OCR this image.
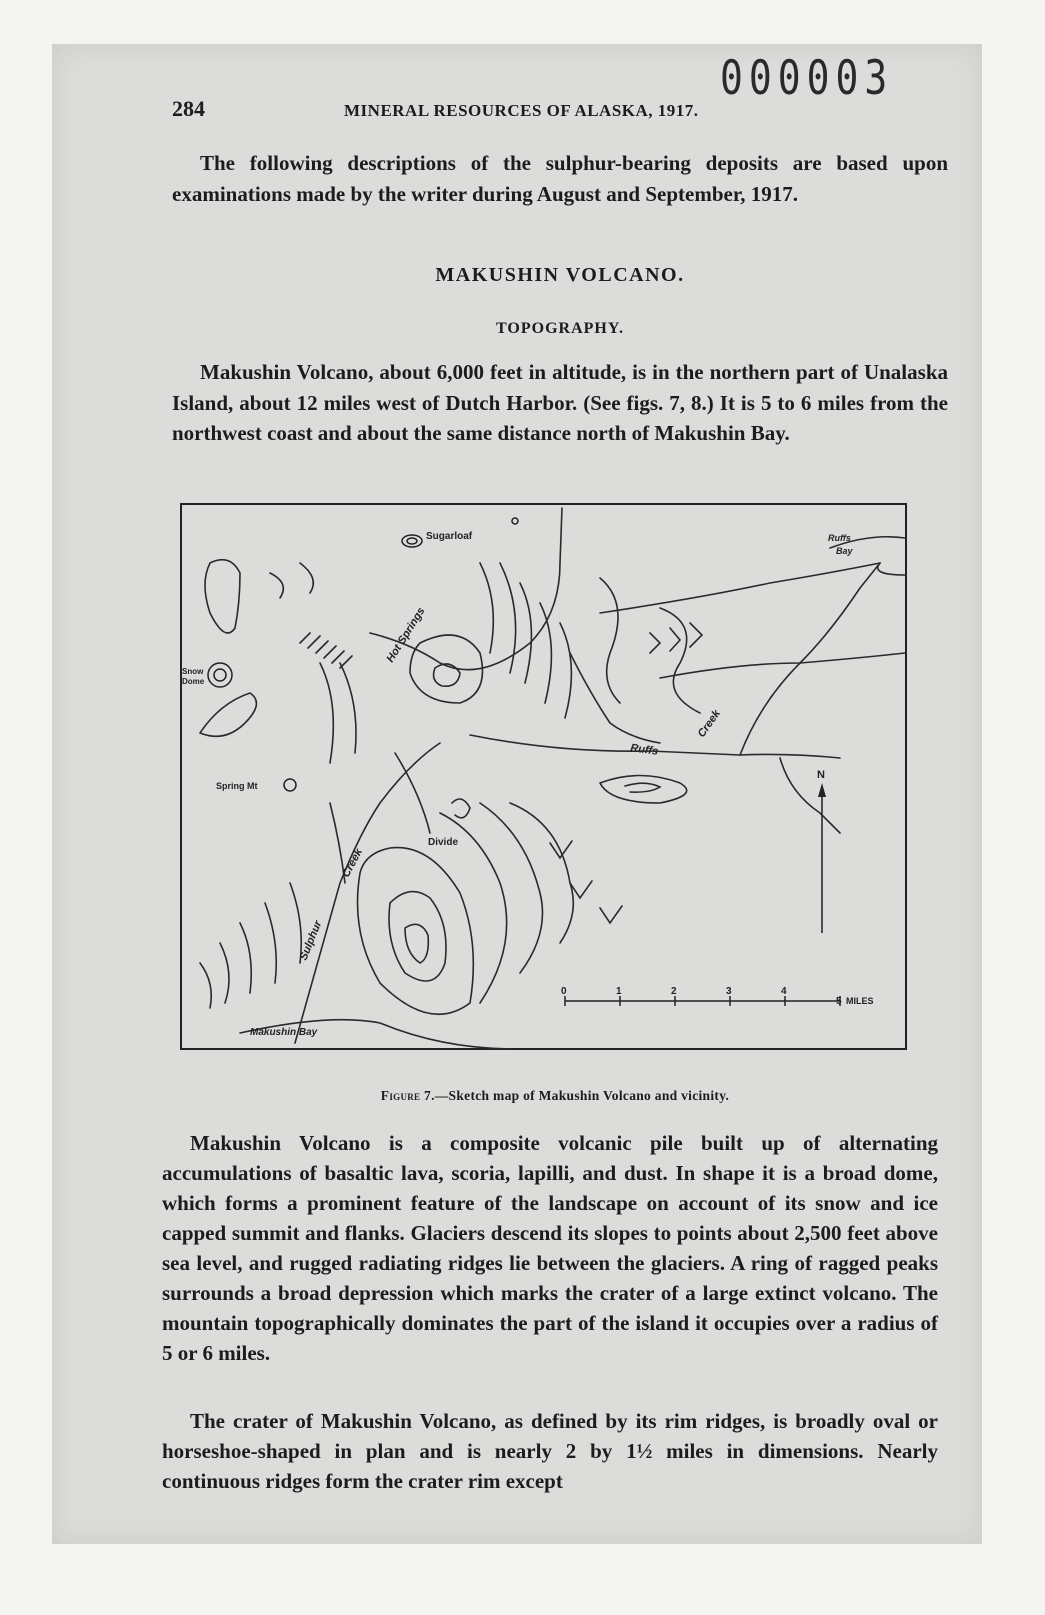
000003
284	MINERAL RESOURCES OF ALASKA, 1917.

The following descriptions of the sulphur-bearing deposits are based upon examinations made by the writer during August and September, 1917.

MAKUSHIN VOLCANO.
TOPOGRAPHY.

Makushin Volcano, about 6,000 feet in altitude, is in the northern part of Unalaska Island, about 12 miles west of Dutch Harbor. (See figs. 7, 8.) It is 5 to 6 miles from the northwest coast and about the same distance north of Makushin Bay.

N
0	1	2	3	4
5 MILES
Sugarloaf	Ruffs
Bay
Hot Springs
Snow
Dome
Ruffs
Creek
Spring Mt
Divide
Creek
Sulphur
Makushin Bay
Figure 7.—Sketch map of Makushin Volcano and vicinity.

Makushin Volcano is a composite volcanic pile built up of alternating accumulations of basaltic lava, scoria, lapilli, and dust. In shape it is a broad dome, which forms a prominent feature of the landscape on account of its snow and ice capped summit and flanks. Glaciers descend its slopes to points about 2,500 feet above sea level, and rugged radiating ridges lie between the glaciers. A ring of ragged peaks surrounds a broad depression which marks the crater of a large extinct volcano. The mountain topographically dominates the part of the island it occupies over a radius of 5 or 6 miles.

The crater of Makushin Volcano, as defined by its rim ridges, is broadly oval or horseshoe-shaped in plan and is nearly 2 by 1½ miles in dimensions. Nearly continuous ridges form the crater rim except
